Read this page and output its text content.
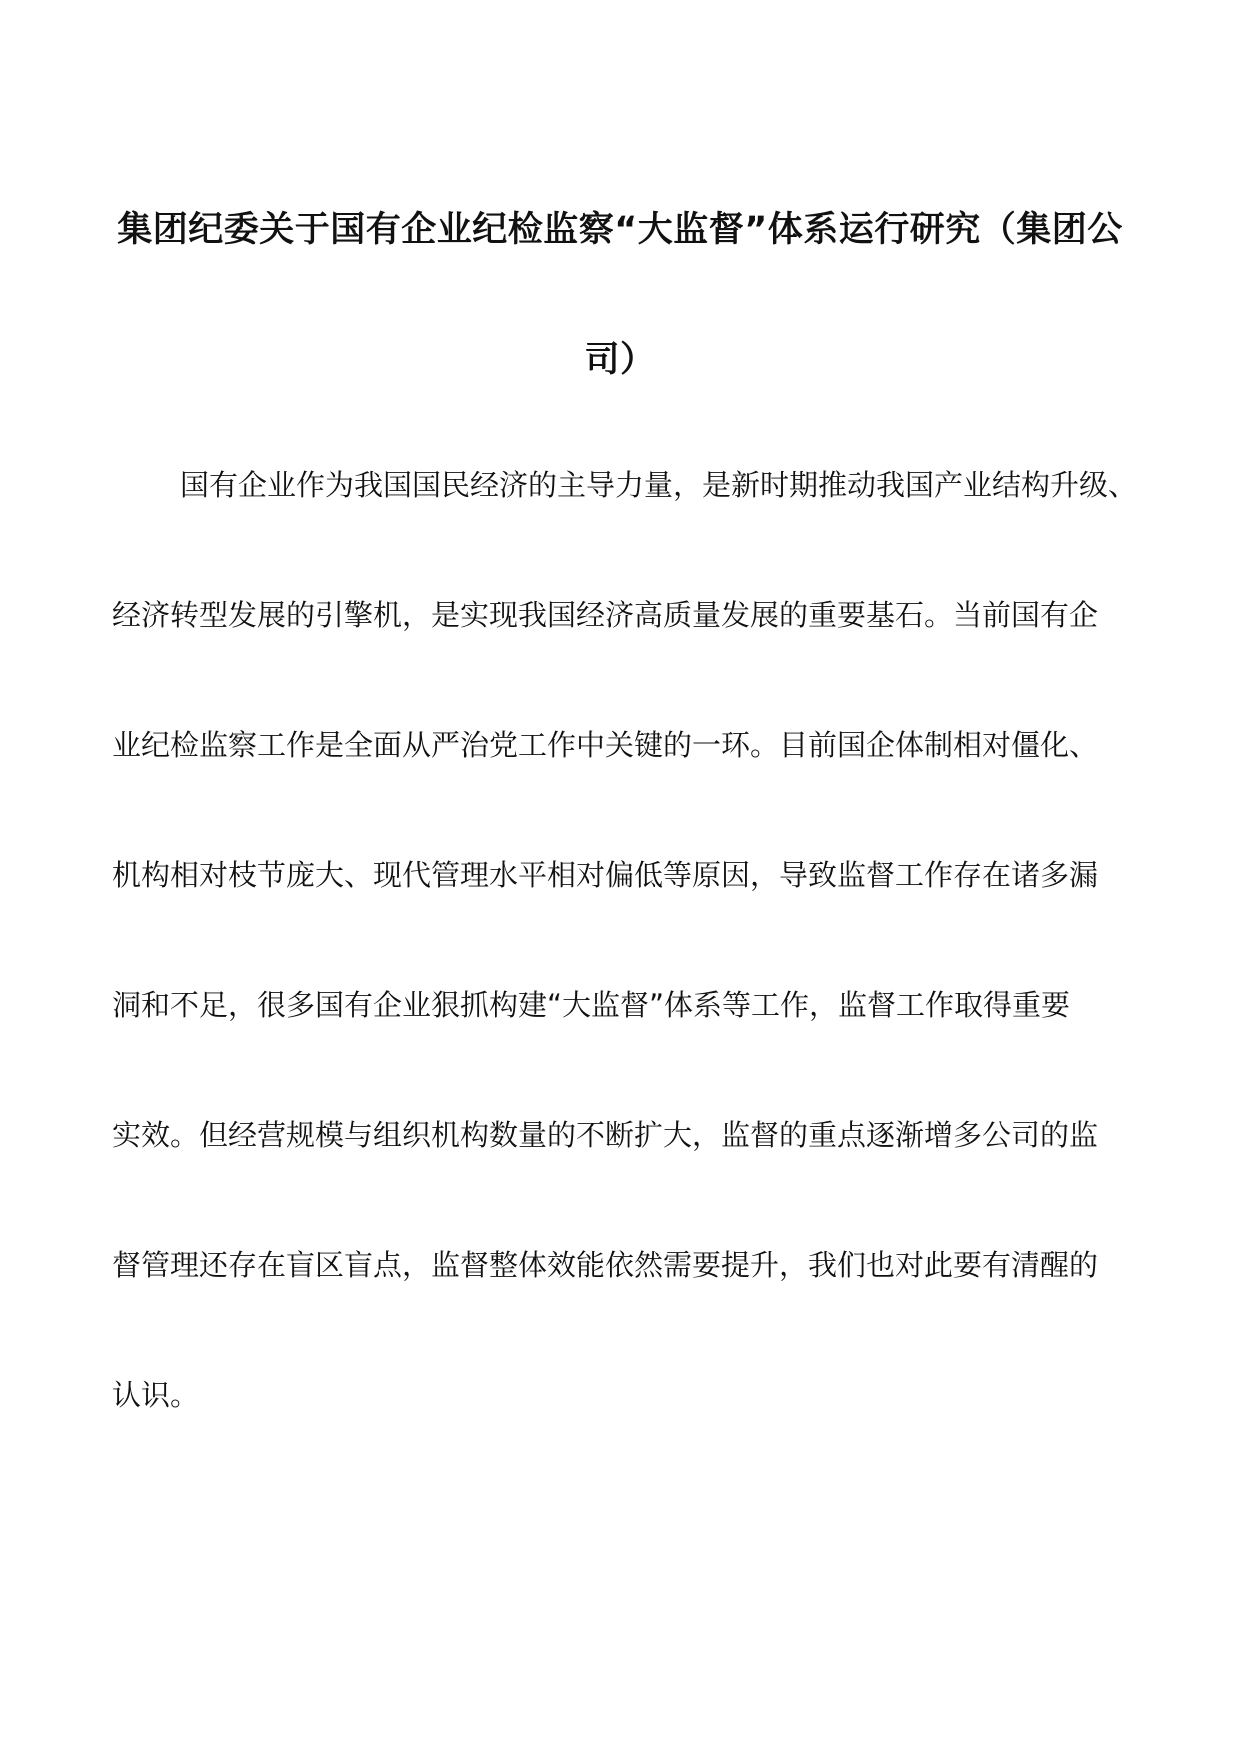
集团纪委关于国有企业纪检监察“大监督”体系运行研究（集团公
司）
国有企业作为我国国民经济的主导力量，是新时期推动我国产业结构升级、
经济转型发展的引擎机，是实现我国经济高质量发展的重要基石。当前国有企
业纪检监察工作是全面从严治党工作中关键的一环。目前国企体制相对僵化、
机构相对枝节庞大、现代管理水平相对偏低等原因，导致监督工作存在诸多漏
洞和不足，很多国有企业狠抓构建“大监督”体系等工作，监督工作取得重要
实效。但经营规模与组织机构数量的不断扩大，监督的重点逐渐增多公司的监
督管理还存在盲区盲点，监督整体效能依然需要提升，我们也对此要有清醒的
认识。
